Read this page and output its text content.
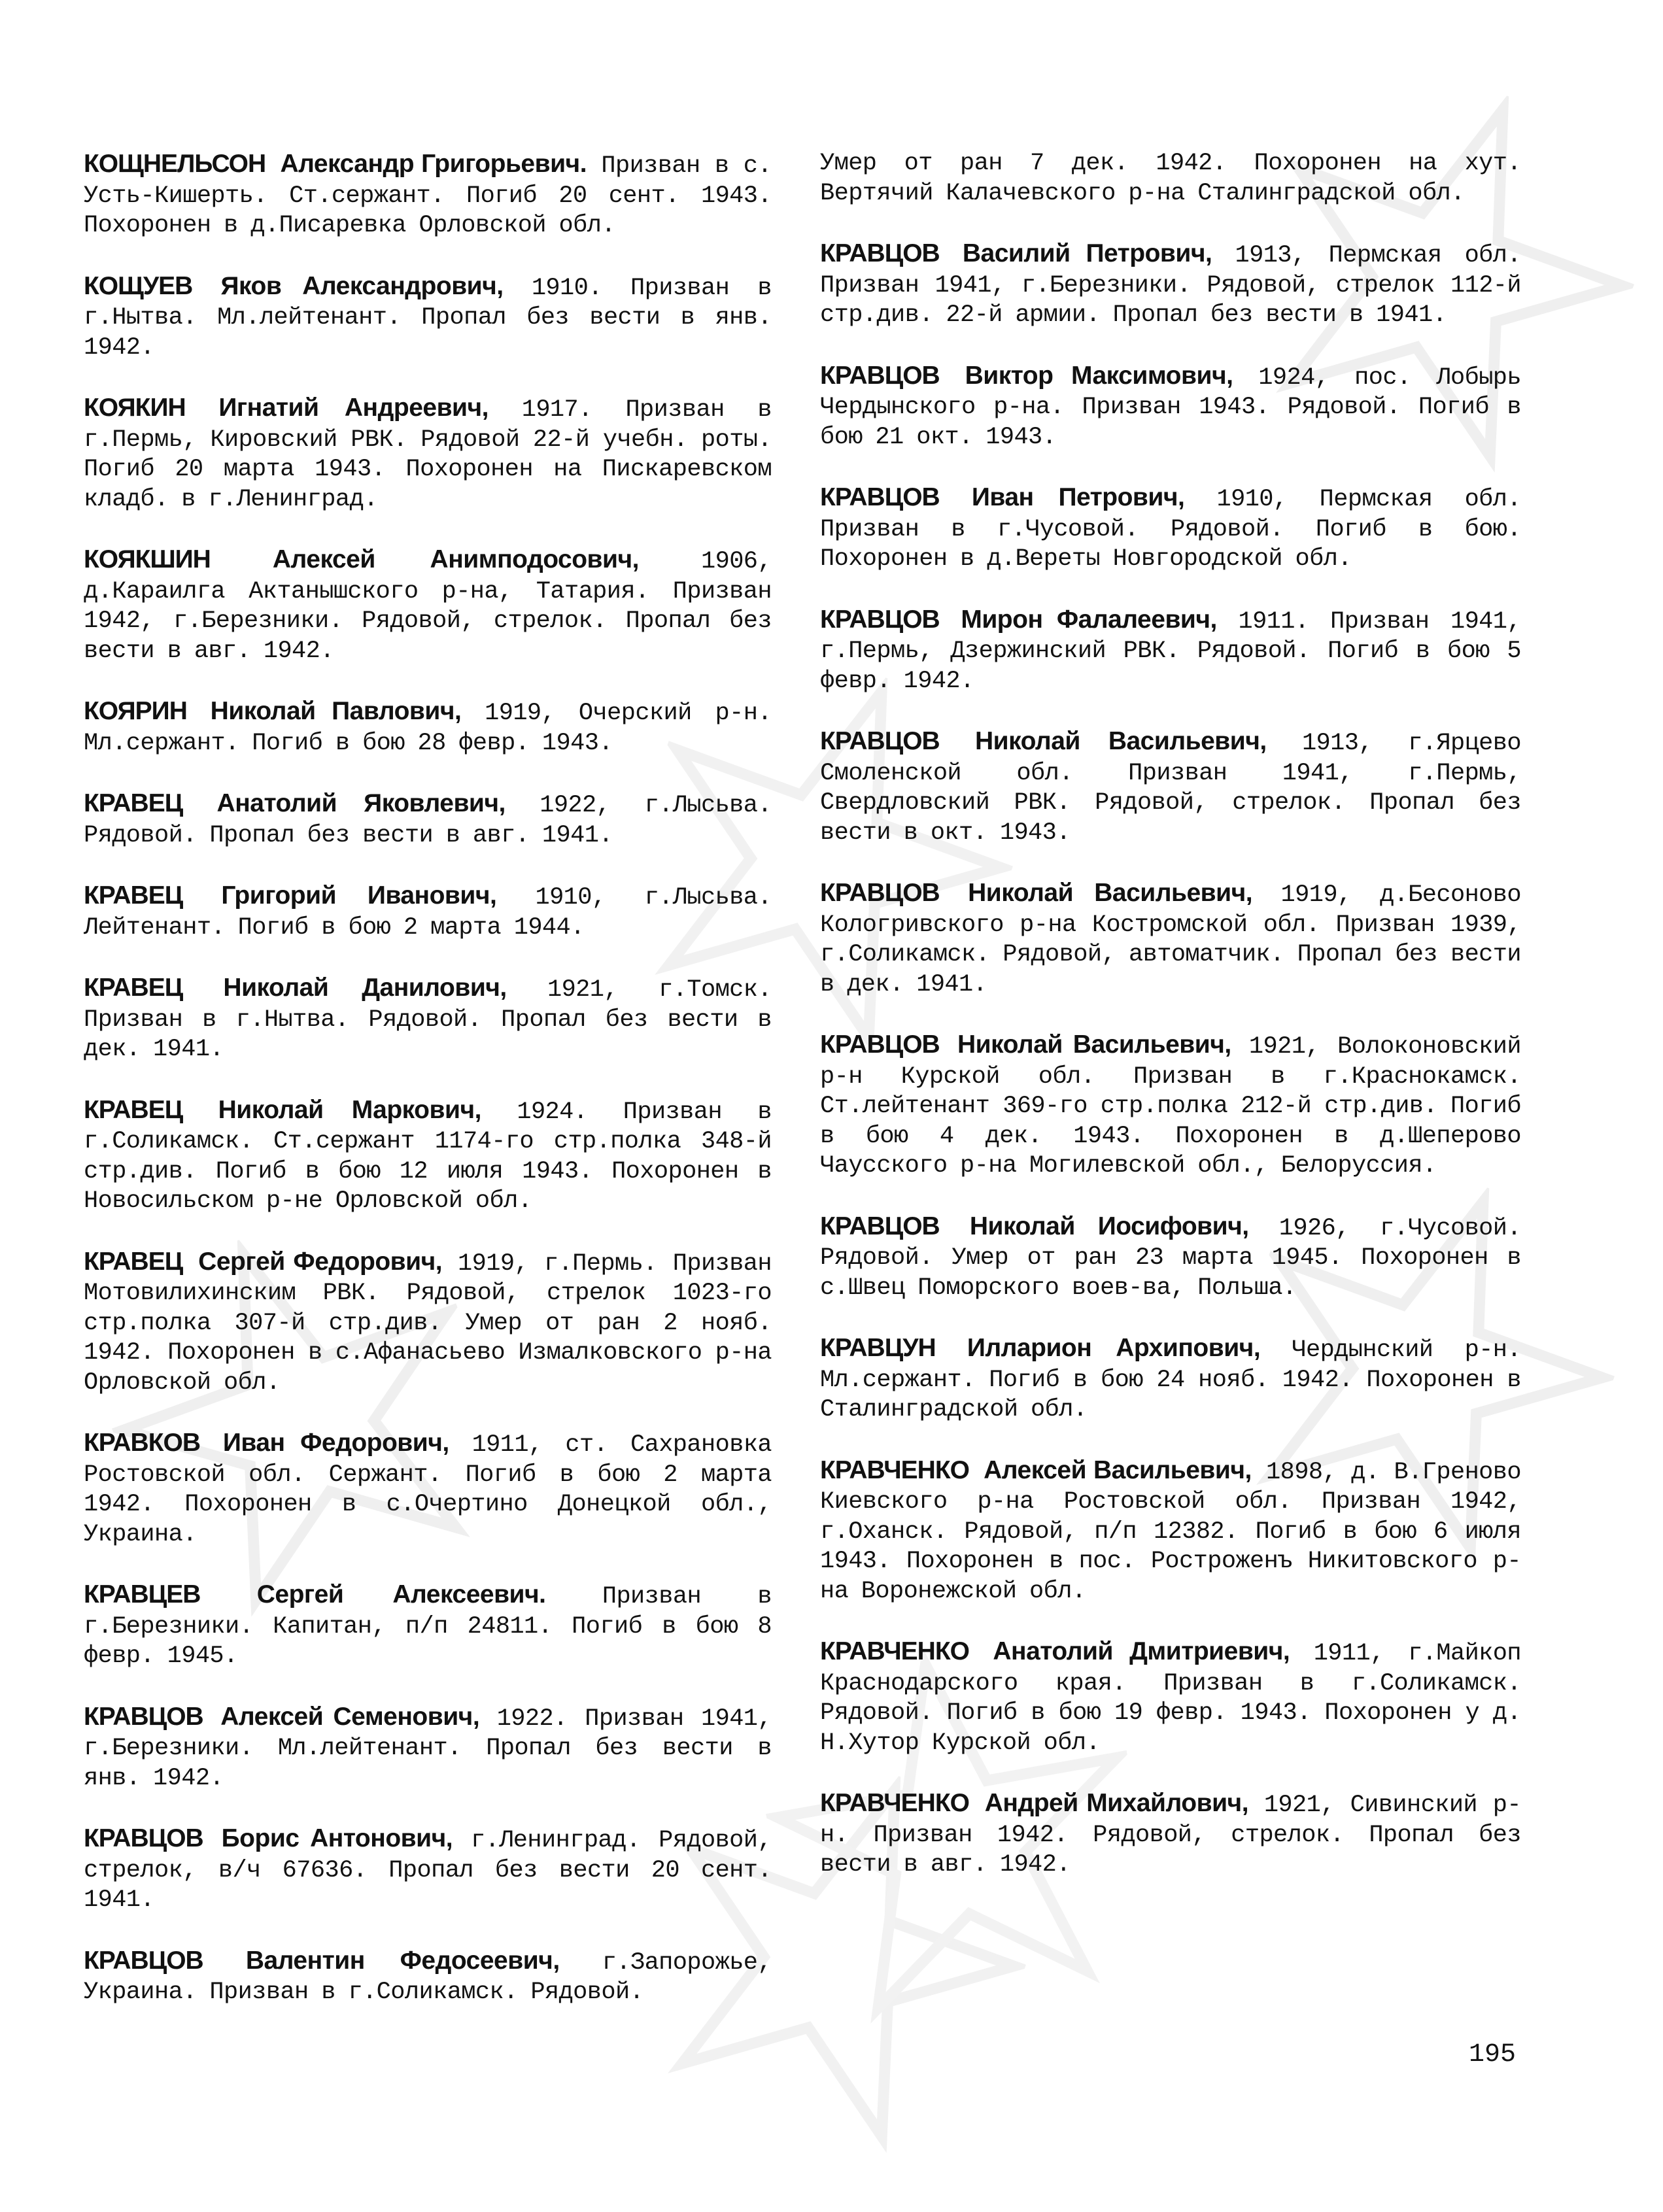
КОЩНЕЛЬСОН Александр Григорьевич. Призван в с. Усть-Кишерть. Ст.сержант. Погиб 20 сент. 1943. Похоронен в д.Писаревка Орловской обл.

КОЩУЕВ Яков Александрович, 1910. Призван в г.Нытва. Мл.лейтенант. Пропал без вести в янв. 1942.

КОЯКИН Игнатий Андреевич, 1917. Призван в г.Пермь, Кировский РВК. Рядовой 22-й учебн. роты. Погиб 20 марта 1943. Похоронен на Пискаревском кладб. в г.Ленинград.

КОЯКШИН Алексей Анимподосович,	1906, д.Караилга Актанышского р-на, Татария. Призван 1942, г.Березники. Рядовой, стрелок. Пропал без вести в авг. 1942.

КОЯРИН Николай Павлович, 1919, Очерский р-н. Мл.сержант. Погиб в бою 28 февр. 1943.

КРАВЕЦ Анатолий Яковлевич, 1922, г.Лысьва. Рядовой. Пропал без вести в авг. 1941.

КРАВЕЦ Григорий Иванович, 1910, г.Лысьва. Лейтенант. Погиб в бою 2 марта 1944.

КРАВЕЦ Николай Данилович, 1921, г.Томск. Призван в г.Нытва. Рядовой. Пропал без вести в дек. 1941.

КРАВЕЦ Николай Маркович, 1924. Призван в г.Соликамск. Ст.сержант 1174-го стр.полка 348-й стр.див. Погиб в бою 12 июля 1943. Похоронен в Новосильском р-не Орловской обл.

КРАВЕЦ Сергей Федорович, 1919, г.Пермь. Призван Мотовилихинским РВК. Рядовой, стрелок 1023-го стр.полка 307-й стр.див. Умер от ран 2 нояб. 1942. Похоронен в с.Афанасьево Измалковского р-на Орловской обл.

КРАВКОВ Иван Федорович, 1911, ст. Сахрановка Ростовской обл. Сержант. Погиб в бою 2 марта 1942. Похоронен в с.Очертино Донецкой обл., Украина.

КРАВЦЕВ Сергей Алексеевич. Призван в г.Березники. Капитан, п/п 24811. Погиб в бою 8 февр. 1945.

КРАВЦОВ Алексей Семенович, 1922. Призван 1941, г.Березники. Мл.лейтенант. Пропал без вести в янв. 1942.

КРАВЦОВ Борис Антонович, г.Ленинград. Рядовой, стрелок, в/ч 67636. Пропал без вести 20 сент. 1941.

КРАВЦОВ Валентин Федосеевич, г.Запорожье, Украина. Призван в г.Соликамск. Рядовой.

Умер от ран 7 дек. 1942. Похоронен на хут. Вертячий Калачевского р-на Сталинградской обл.

КРАВЦОВ Василий Петрович, 1913, Пермская обл. Призван 1941, г.Березники. Рядовой, стрелок 112-й стр.див. 22-й армии. Пропал без вести в 1941.

КРАВЦОВ Виктор Максимович, 1924, пос. Лобырь Чердынского р-на. Призван 1943. Рядовой. Погиб в бою 21 окт. 1943.

КРАВЦОВ Иван Петрович, 1910, Пермская обл. Призван в г.Чусовой. Рядовой. Погиб в бою. Похоронен в д.Вереты Новгородской обл.

КРАВЦОВ Мирон Фалалеевич, 1911. Призван 1941, г.Пермь, Дзержинский РВК. Рядовой. Погиб в бою 5 февр. 1942.

КРАВЦОВ Николай Васильевич, 1913, г.Ярцево Смоленской обл. Призван 1941, г.Пермь, Свердловский РВК. Рядовой, стрелок. Пропал без вести в окт. 1943.

КРАВЦОВ Николай Васильевич, 1919, д.Бесоново Кологривского р-на Костромской обл. Призван 1939, г.Соликамск. Рядовой, автоматчик. Пропал без вести в дек. 1941.

КРАВЦОВ Николай Васильевич, 1921, Волоконовский р-н Курской обл. Призван в г.Краснокамск. Ст.лейтенант 369-го стр.полка 212-й стр.див. Погиб в бою 4 дек. 1943. Похоронен в д.Шеперово Чаусского р-на Могилевской обл., Белоруссия.

КРАВЦОВ Николай Иосифович, 1926, г.Чусовой. Рядовой. Умер от ран 23 марта 1945. Похоронен в с.Швец Поморского воев-ва, Польша.

КРАВЦУН Илларион Архипович, Чердынский р-н. Мл.сержант. Погиб в бою 24 нояб. 1942. Похоронен в Сталинградской обл.

КРАВЧЕНКО Алексей Васильевич, 1898, д. В.Греново Киевского р-на Ростовской обл. Призван 1942, г.Оханск. Рядовой, п/п 12382. Погиб в бою 6 июля 1943. Похоронен в пос. Ростроженъ Никитовского р-на Воронежской обл.

КРАВЧЕНКО Анатолий Дмитриевич, 1911, г.Майкоп Краснодарского края. Призван в г.Соликамск. Рядовой. Погиб в бою 19 февр. 1943. Похоронен у д. Н.Хутор Курской обл.

КРАВЧЕНКО Андрей Михайлович, 1921, Сивинский р-н. Призван 1942. Рядовой, стрелок. Пропал без вести в авг. 1942.

195
